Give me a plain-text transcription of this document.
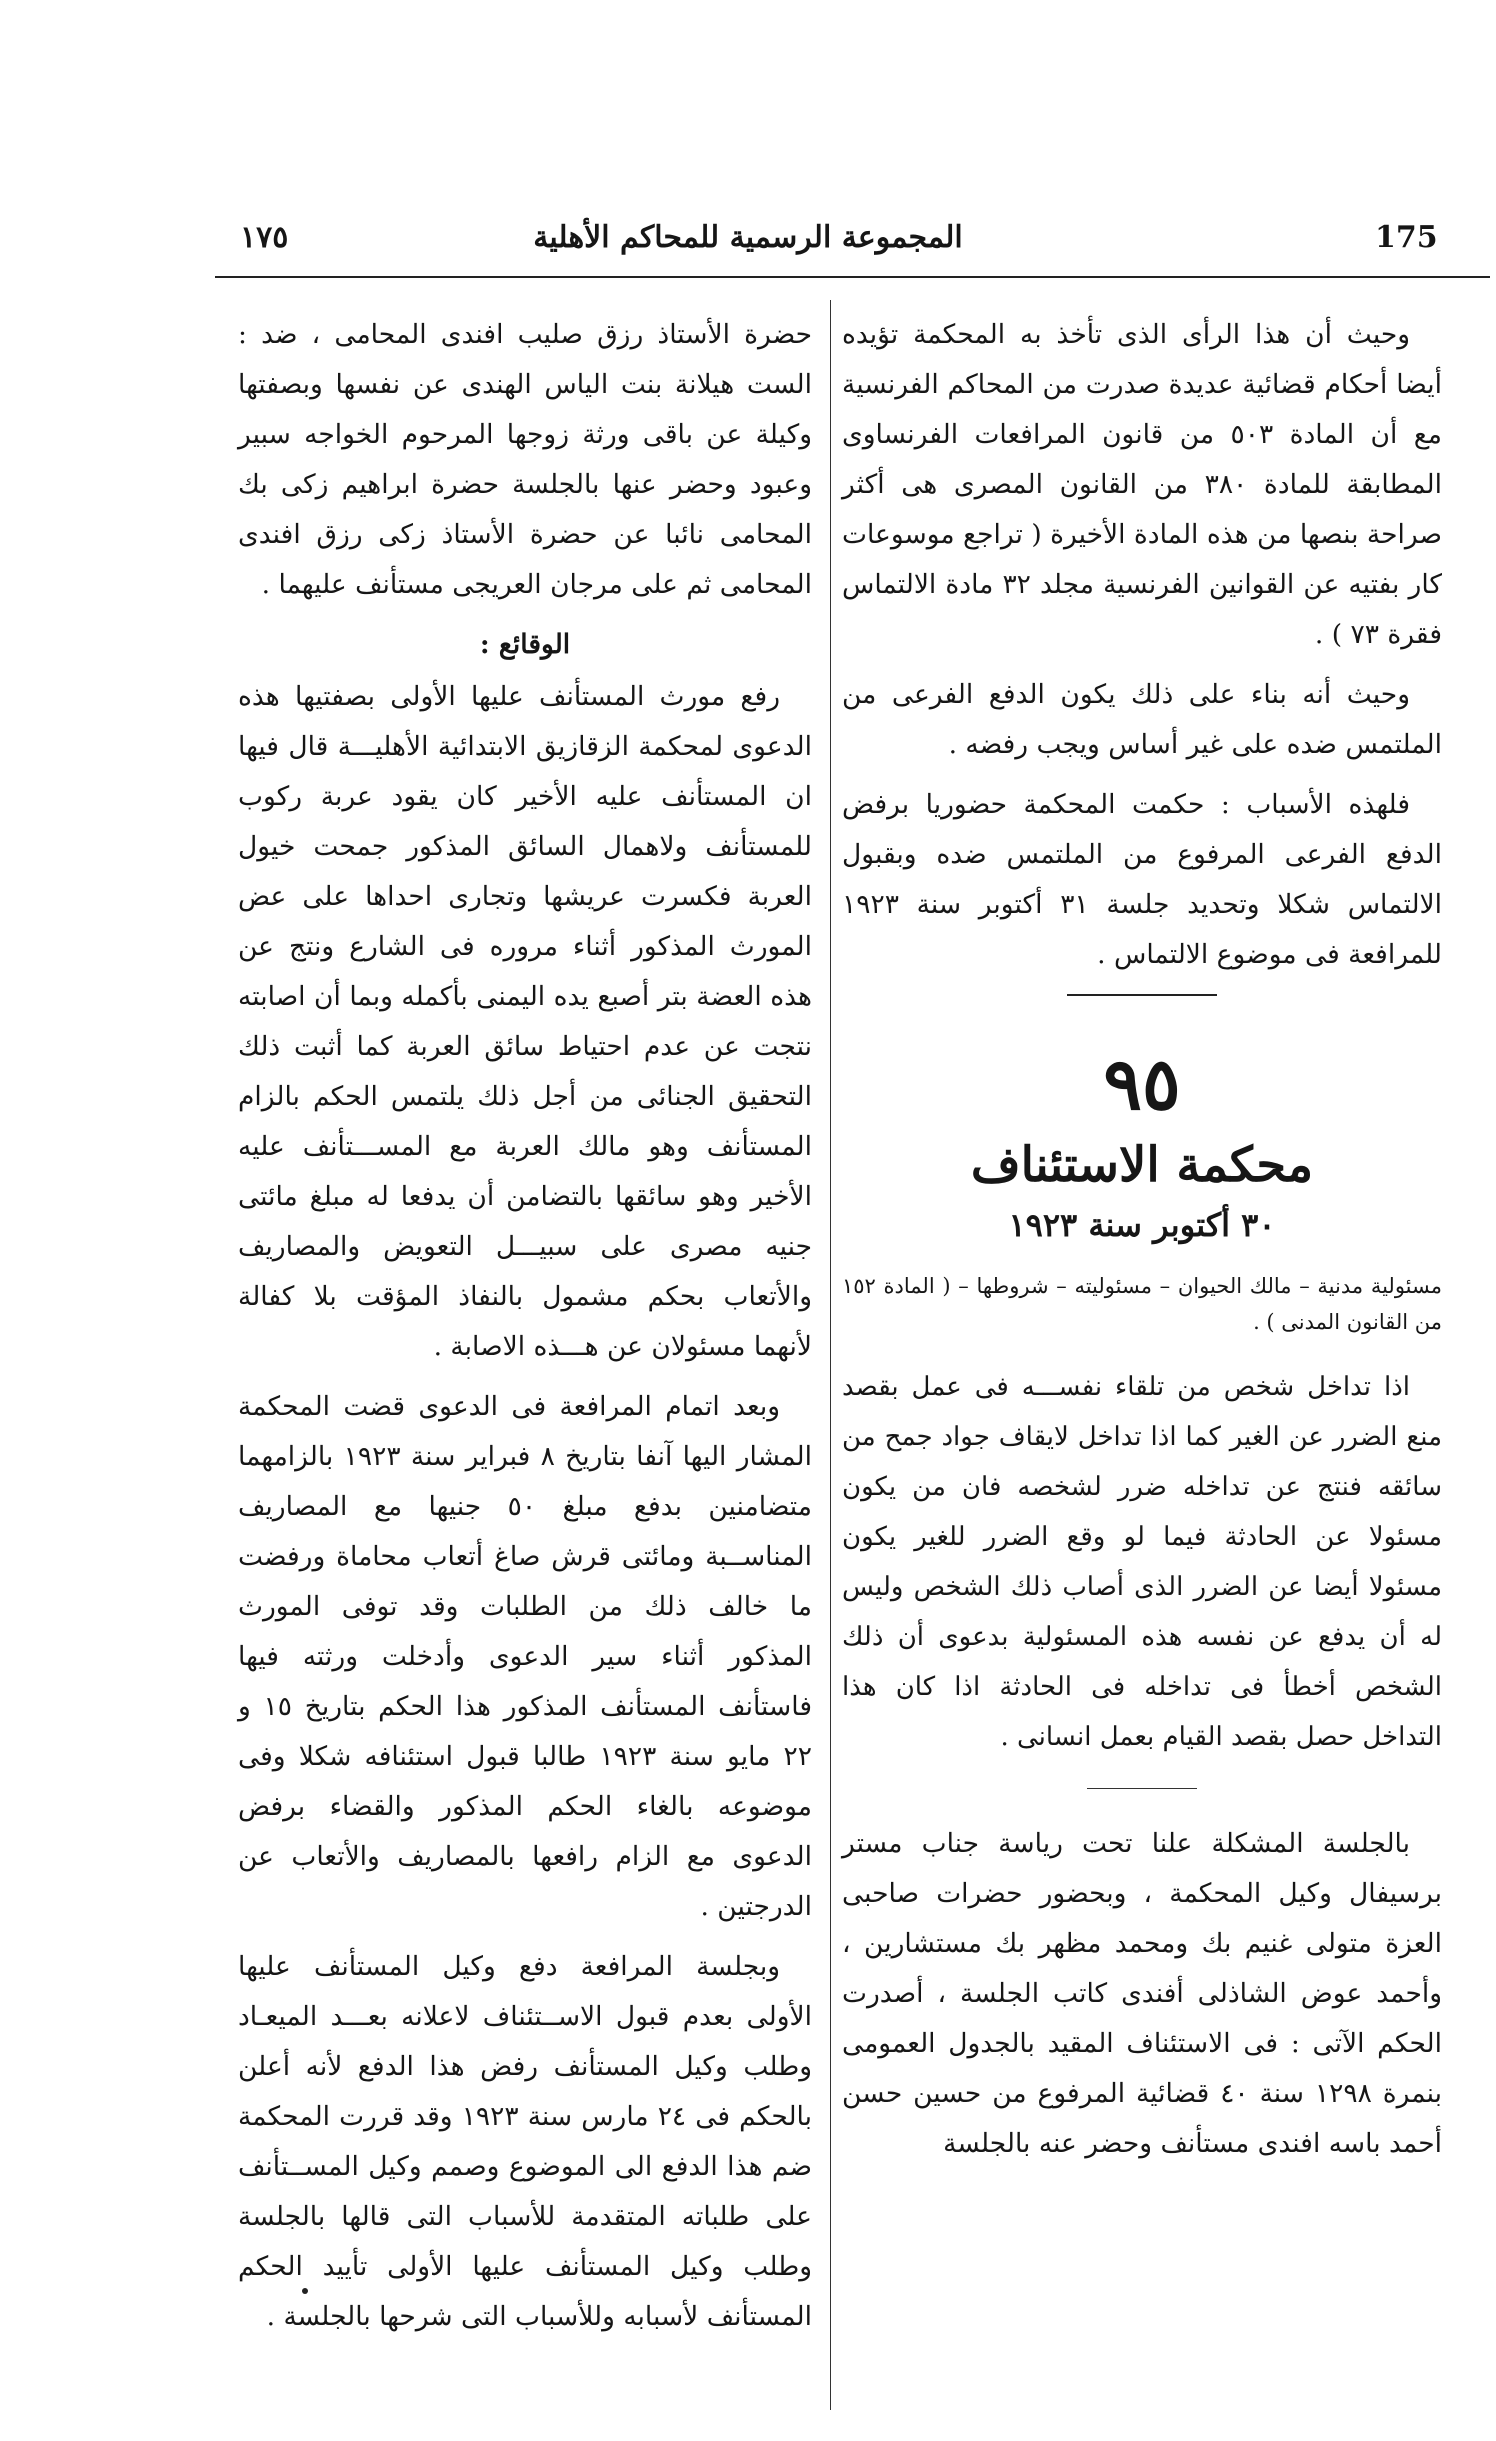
١٧٥	المجموعة الرسمية للمحاكم الأهلية	175

وحيث أن هذا الرأى الذى تأخذ به المحكمة تؤيده أيضا أحكام قضائية عديدة صدرت من المحاكم الفرنسية مع أن المادة ٥٠٣ من قانون المرافعات الفرنساوى المطابقة للمادة ٣٨٠ من القانون المصرى هى أكثر صراحة بنصها من هذه المادة الأخيرة ( تراجع موسوعات كار بفتيه عن القوانين الفرنسية مجلد ٣٢ مادة الالتماس فقرة ٧٣ ) .

وحيث أنه بناء على ذلك يكون الدفع الفرعى من الملتمس ضده على غير أساس ويجب رفضه .

فلهذه الأسباب : حكمت المحكمة حضوريا برفض الدفع الفرعى المرفوع من الملتمس ضده وبقبول الالتماس شكلا وتحديد جلسة ٣١ أكتوبر سنة ١٩٢٣ للمرافعة فى موضوع الالتماس .

٩٥
محكمة الاستئناف
٣٠ أكتوبر سنة ١٩٢٣

مسئولية مدنية – مالك الحيوان – مسئوليته – شروطها – ( المادة ١٥٢ من القانون المدنى ) .

اذا تداخل شخص من تلقاء نفســـه فى عمل بقصد منع الضرر عن الغير كما اذا تداخل لايقاف جواد جمح من سائقه فنتج عن تداخله ضرر لشخصه فان من يكون مسئولا عن الحادثة فيما لو وقع الضرر للغير يكون مسئولا أيضا عن الضرر الذى أصاب ذلك الشخص وليس له أن يدفع عن نفسه هذه المسئولية بدعوى أن ذلك الشخص أخطأ فى تداخله فى الحادثة اذا كان هذا التداخل حصل بقصد القيام بعمل انسانى .

بالجلسة المشكلة علنا تحت رياسة جناب مستر برسيفال وكيل المحكمة ، وبحضور حضرات صاحبى العزة متولى غنيم بك ومحمد مظهر بك مستشارين ، وأحمد عوض الشاذلى أفندى كاتب الجلسة ، أصدرت الحكم الآتى : فى الاستئناف المقيد بالجدول العمومى بنمرة ١٢٩٨ سنة ٤٠ قضائية المرفوع من حسين حسن أحمد باسه افندى مستأنف وحضر عنه بالجلسة

حضرة الأستاذ رزق صليب افندى المحامى ، ضد : الست هيلانة بنت الياس الهندى عن نفسها وبصفتها وكيلة عن باقى ورثة زوجها المرحوم الخواجه سبير وعبود وحضر عنها بالجلسة حضرة ابراهيم زكى بك المحامى نائبا عن حضرة الأستاذ زكى رزق افندى المحامى ثم على مرجان العريجى مستأنف عليهما .

الوقائع :

رفع مورث المستأنف عليها الأولى بصفتيها هذه الدعوى لمحكمة الزقازيق الابتدائية الأهليـــة قال فيها ان المستأنف عليه الأخير كان يقود عربة ركوب للمستأنف ولاهمال السائق المذكور جمحت خيول العربة فكسرت عريشها وتجارى احداها على عض المورث المذكور أثناء مروره فى الشارع ونتج عن هذه العضة بتر أصبع يده اليمنى بأكمله وبما أن اصابته نتجت عن عدم احتياط سائق العربة كما أثبت ذلك التحقيق الجنائى من أجل ذلك يلتمس الحكم بالزام المستأنف وهو مالك العربة مع المســـتأنف عليه الأخير وهو سائقها بالتضامن أن يدفعا له مبلغ مائتى جنيه مصرى على سبيـــل التعويض والمصاريف والأتعاب بحكم مشمول بالنفاذ المؤقت بلا كفالة لأنهما مسئولان عن هـــذه الاصابة .

وبعد اتمام المرافعة فى الدعوى قضت المحكمة المشار اليها آنفا بتاريخ ٨ فبراير سنة ١٩٢٣ بالزامهما متضامنين بدفع مبلغ ٥٠ جنيها مع المصاريف المناســبة ومائتى قرش صاغ أتعاب محاماة ورفضت ما خالف ذلك من الطلبات وقد توفى المورث المذكور أثناء سير الدعوى وأدخلت ورثته فيها فاستأنف المستأنف المذكور هذا الحكم بتاريخ ١٥ و ٢٢ مايو سنة ١٩٢٣ طالبا قبول استئنافه شكلا وفى موضوعه بالغاء الحكم المذكور والقضاء برفض الدعوى مع الزام رافعها بالمصاريف والأتعاب عن الدرجتين .

وبجلسة المرافعة دفع وكيل المستأنف عليها الأولى بعدم قبول الاســتئناف لاعلانه بعـــد الميعـاد وطلب وكيل المستأنف رفض هذا الدفع لأنه أعلن بالحكم فى ٢٤ مارس سنة ١٩٢٣ وقد قررت المحكمة ضم هذا الدفع الى الموضوع وصمم وكيل المســتأنف على طلباته المتقدمة للأسباب التى قالها بالجلسة وطلب وكيل المستأنف عليها الأولى تأييد الحكم المستأنف لأسبابه وللأسباب التى شرحها بالجلسة .
